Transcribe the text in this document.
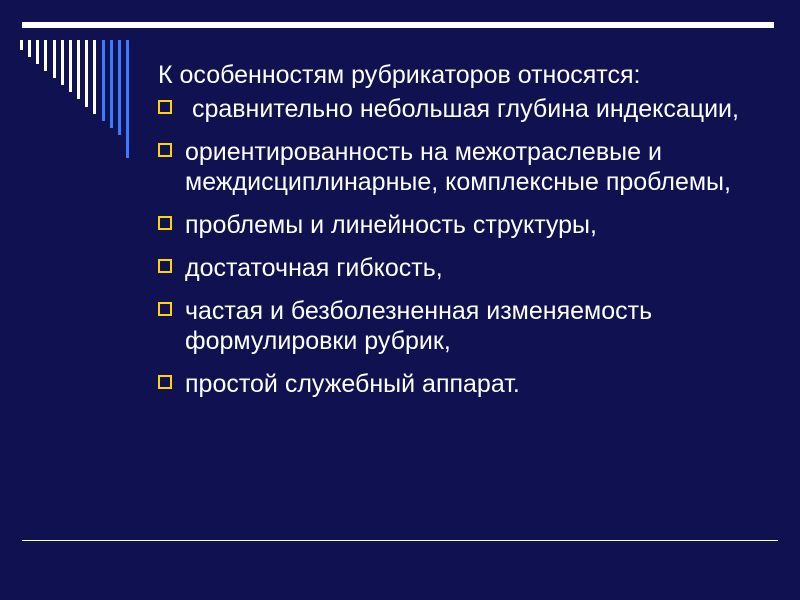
К особенностям рубрикаторов относятся:

сравнительно небольшая глубина индексации,
ориентированность на межотраслевые и междисциплинарные, комплексные проблемы,
проблемы и линейность структуры,
достаточная гибкость,
частая и безболезненная изменяемость формулировки рубрик,
простой служебный аппарат.
